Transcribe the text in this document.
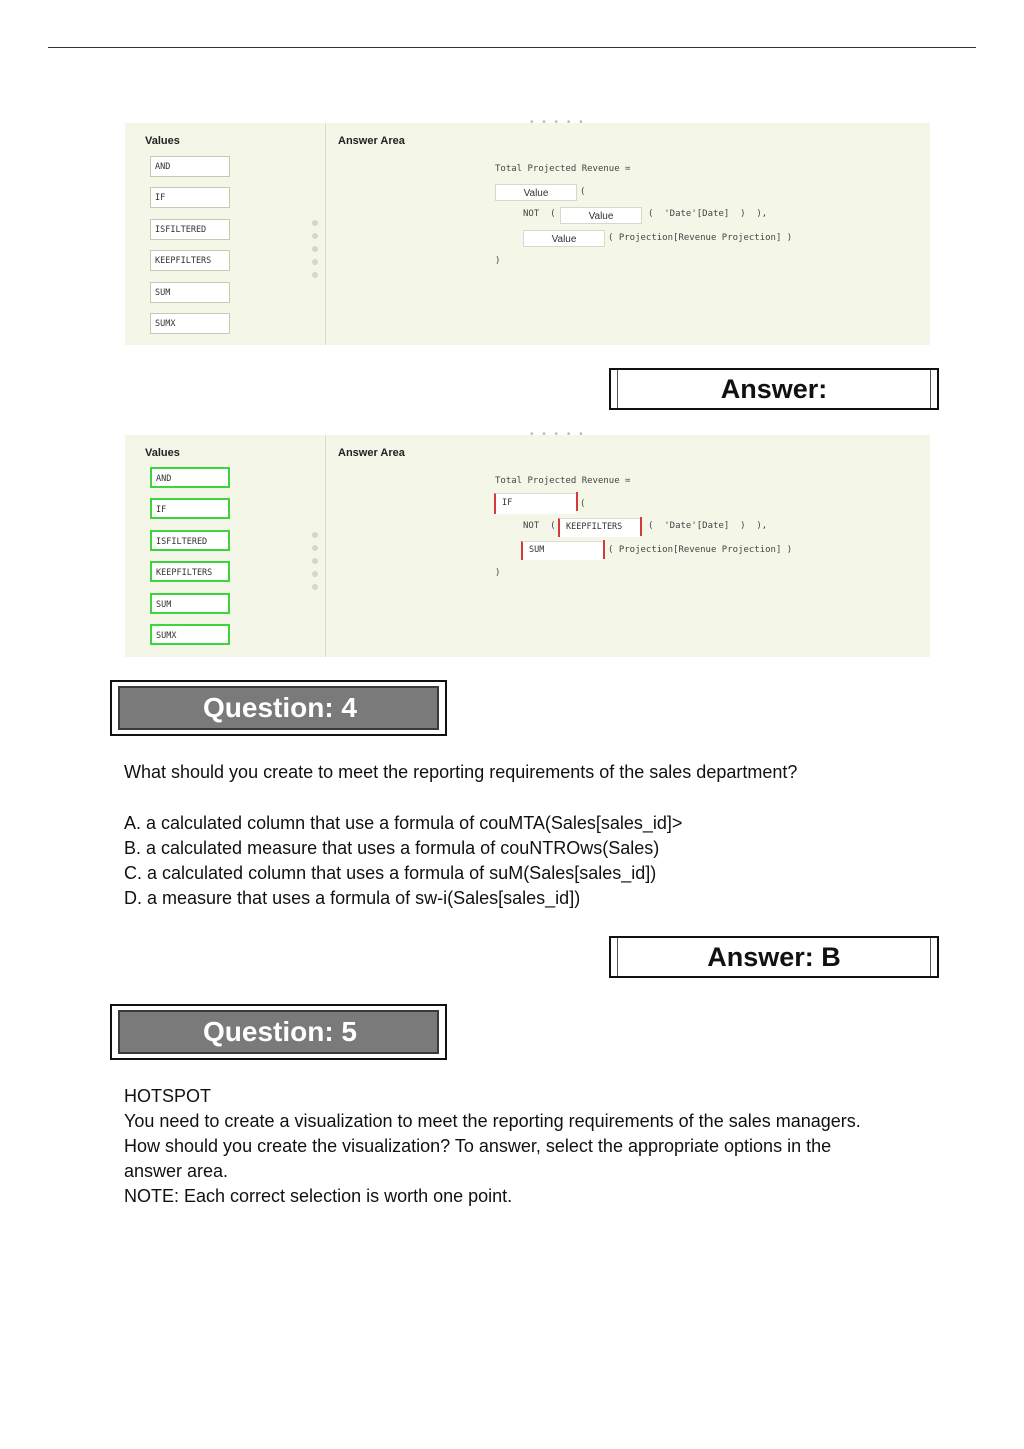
• • • • •
Values
AND
IF
ISFILTERED
KEEPFILTERS
SUM
SUMX
Answer Area
Total Projected Revenue =
Value	(
NOT  (	Value	(  'Date'[Date]  )  ),
Value	( Projection[Revenue Projection] )
)
Answer:
• • • • •
Values
AND
IF
ISFILTERED
KEEPFILTERS
SUM
SUMX
Answer Area
Total Projected Revenue =
IF	(
NOT  (	KEEPFILTERS	(  'Date'[Date]  )  ),
SUM	( Projection[Revenue Projection] )
)
Question: 4
What should you create to meet the reporting requirements of the sales department?
A. a calculated column that use a formula of couMTA(Sales[sales_id]>
B. a calculated measure that uses a formula of couNTROws(Sales)
C. a calculated column that uses a formula of suM(Sales[sales_id])
D. a measure that uses a formula of sw-i(Sales[sales_id])
Answer: B
Question: 5
HOTSPOT
You need to create a visualization to meet the reporting requirements of the sales managers.
How should you create the visualization? To answer, select the appropriate options in the
answer area.
NOTE: Each correct selection is worth one point.
